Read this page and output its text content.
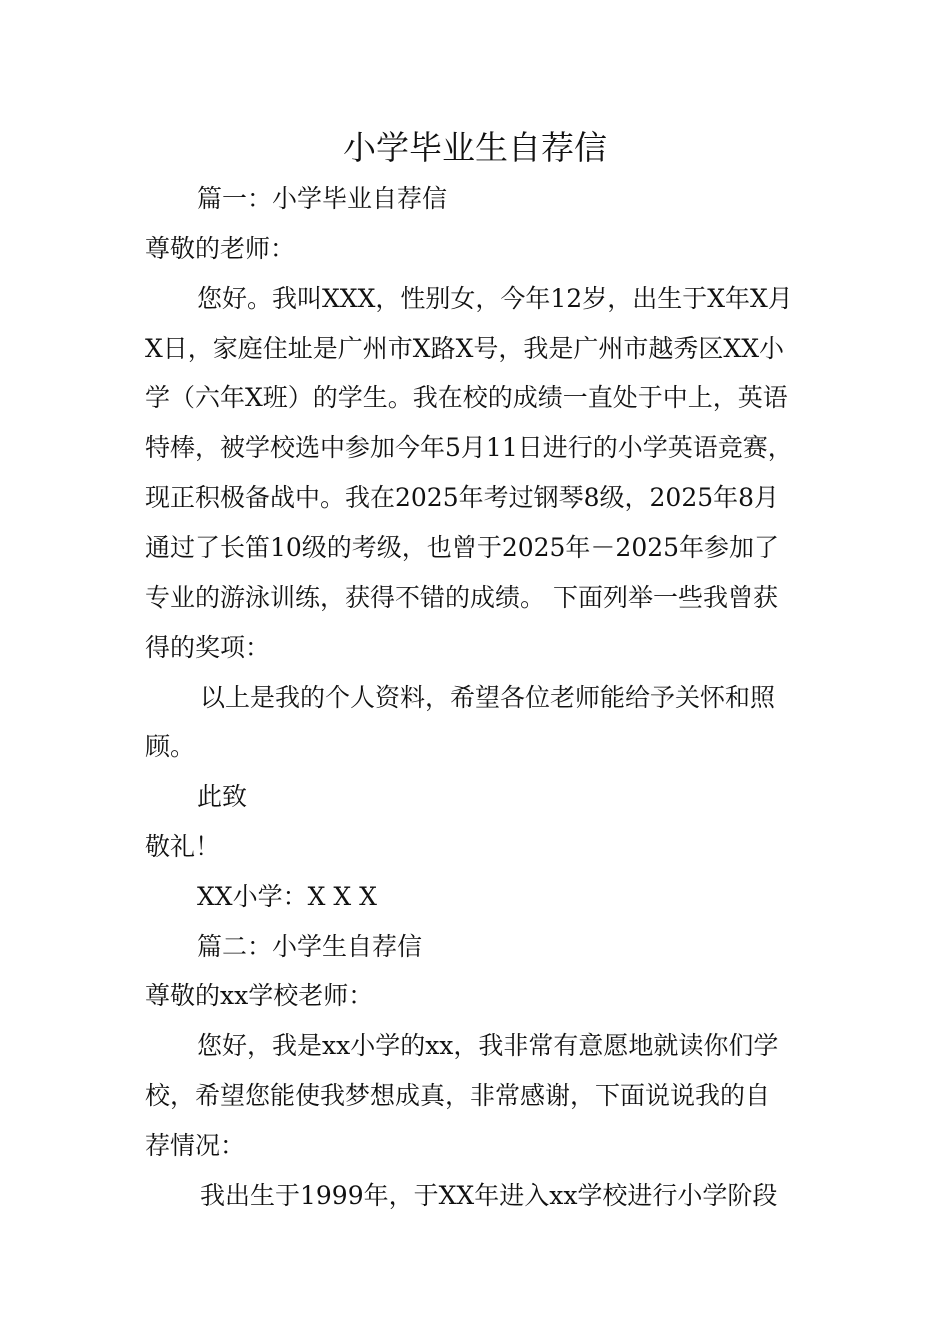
小学毕业生自荐信

篇一：小学毕业自荐信

尊敬的老师：

您好。我叫XXX，性别女，今年12岁，出生于X年X月

X日，家庭住址是广州市X路X号，我是广州市越秀区XX小

学（六年X班）的学生。我在校的成绩一直处于中上，英语

特棒，被学校选中参加今年5月11日进行的小学英语竞赛，

现正积极备战中。我在2025年考过钢琴8级，2025年8月

通过了长笛10级的考级，也曾于2025年－2025年参加了

专业的游泳训练，获得不错的成绩。 下面列举一些我曾获

得的奖项：

以上是我的个人资料，希望各位老师能给予关怀和照

顾。

此致

敬礼！

XX小学：X X X

篇二：小学生自荐信

尊敬的xx学校老师：

您好，我是xx小学的xx，我非常有意愿地就读你们学

校，希望您能使我梦想成真，非常感谢，下面说说我的自

荐情况：

我出生于1999年，于XX年进入xx学校进行小学阶段
